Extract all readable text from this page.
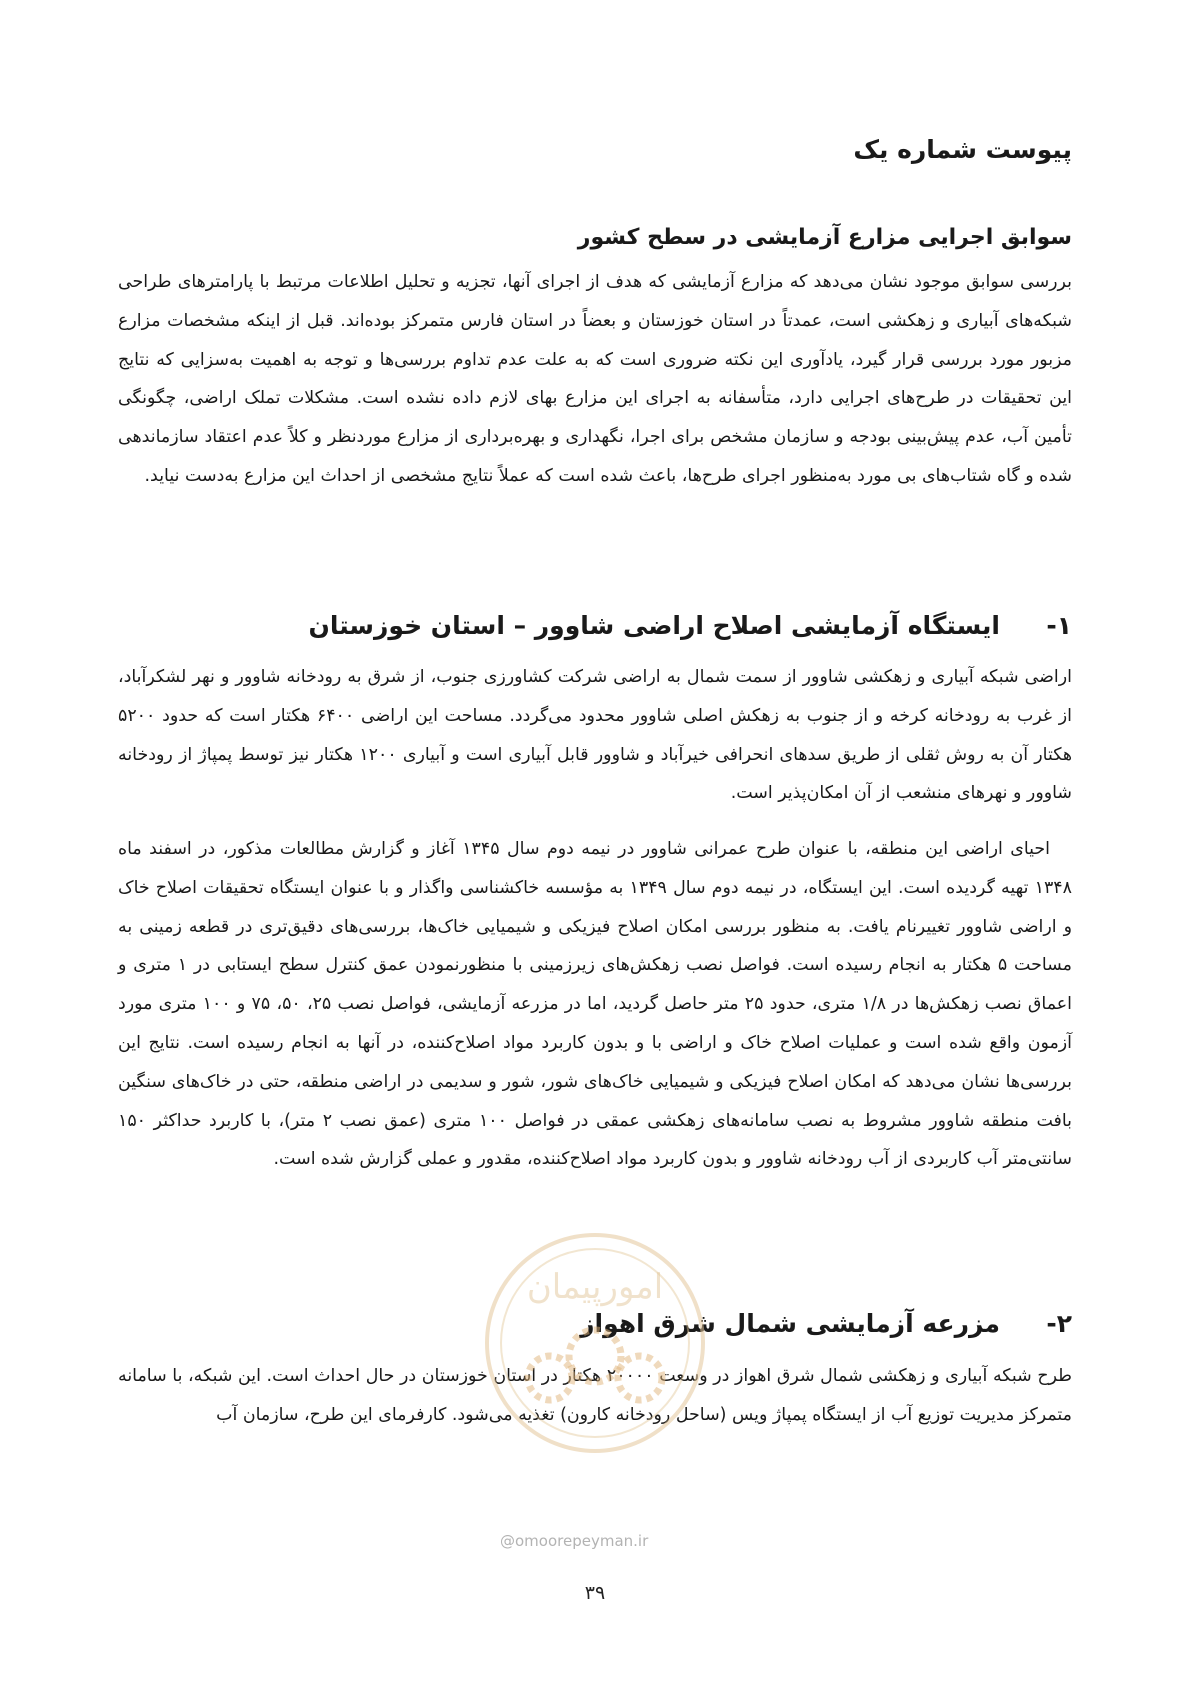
پیوست شماره یک
سوابق اجرایی مزارع آزمایشی در سطح کشور

بررسی سوابق موجود نشان می‌دهد که مزارع آزمایشی که هدف از اجرای آنها، تجزیه و تحلیل اطلاعات مرتبط با پارامترهای طراحی شبکه‌های آبیاری و زهکشی است، عمدتاً در استان خوزستان و بعضاً در استان فارس متمرکز بوده‌اند. قبل از اینکه مشخصات مزارع مزبور مورد بررسی قرار گیرد، یادآوری این نکته ضروری است که به علت عدم تداوم بررسی‌ها و توجه به اهمیت به‌سزایی که نتایج این تحقیقات در طرح‌های اجرایی دارد، متأسفانه به اجرای این مزارع بهای لازم داده نشده است. مشکلات تملک اراضی، چگونگی تأمین آب، عدم پیش‌بینی بودجه و سازمان مشخص برای اجرا، نگهداری و بهره‌برداری از مزارع موردنظر و کلاً عدم اعتقاد سازماندهی شده و گاه شتاب‌های بی مورد به‌منظور اجرای طرح‌ها، باعث شده است که عملاً نتایج مشخصی از احداث این مزارع به‌دست نیاید.

۱-ایستگاه آزمایشی اصلاح اراضی شاوور – استان خوزستان

اراضی شبکه آبیاری و زهکشی شاوور از سمت شمال به اراضی شرکت کشاورزی جنوب، از شرق به رودخانه شاوور و نهر لشکرآباد، از غرب به رودخانه کرخه و از جنوب به زهکش اصلی شاوور محدود می‌گردد. مساحت این اراضی ۶۴۰۰ هکتار است که حدود ۵۲۰۰ هکتار آن به روش ثقلی از طریق سدهای انحرافی خیرآباد و شاوور قابل آبیاری است و آبیاری ۱۲۰۰ هکتار نیز توسط پمپاژ از رودخانه شاوور و نهرهای منشعب از آن امکان‌پذیر است.

احیای اراضی این منطقه، با عنوان طرح عمرانی شاوور در نیمه دوم سال ۱۳۴۵ آغاز و گزارش مطالعات مذکور، در اسفند ماه ۱۳۴۸ تهیه گردیده است. این ایستگاه، در نیمه دوم سال ۱۳۴۹ به مؤسسه خاکشناسی واگذار و با عنوان ایستگاه تحقیقات اصلاح خاک و اراضی شاوور تغییرنام یافت. به منظور بررسی امکان اصلاح فیزیکی و شیمیایی خاک‌ها، بررسی‌های دقیق‌تری در قطعه زمینی به مساحت ۵ هکتار به انجام رسیده است. فواصل نصب زهکش‌های زیرزمینی با منظورنمودن عمق کنترل سطح ایستابی در ۱ متری و اعماق نصب زهکش‌ها در ۱/۸ متری، حدود ۲۵ متر حاصل گردید، اما در مزرعه آزمایشی، فواصل نصب ۲۵، ۵۰، ۷۵ و ۱۰۰ متری مورد آزمون واقع شده است و عملیات اصلاح خاک و اراضی با و بدون کاربرد مواد اصلاح‌کننده، در آنها به انجام رسیده است. نتایج این بررسی‌ها نشان می‌دهد که امکان اصلاح فیزیکی و شیمیایی خاک‌های شور، شور و سدیمی در اراضی منطقه، حتی در خاک‌های سنگین بافت منطقه شاوور مشروط به نصب سامانه‌های زهکشی عمقی در فواصل ۱۰۰ متری (عمق نصب ۲ متر)، با کاربرد حداکثر ۱۵۰ سانتی‌متر آب کاربردی از آب رودخانه شاوور و بدون کاربرد مواد اصلاح‌کننده، مقدور و عملی گزارش شده است.

۲-مزرعه آزمایشی شمال شرق اهواز

طرح شبکه آبیاری و زهکشی شمال شرق اهواز در وسعت ۲۰۰۰۰ هکتار در استان خوزستان در حال احداث است. این شبکه، با سامانه متمرکز مدیریت توزیع آب از ایستگاه پمپاژ ویس (ساحل رودخانه کارون) تغذیه می‌شود. کارفرمای این طرح، سازمان آب

امورپیمان
@omoorepeyman.ir
۳۹
